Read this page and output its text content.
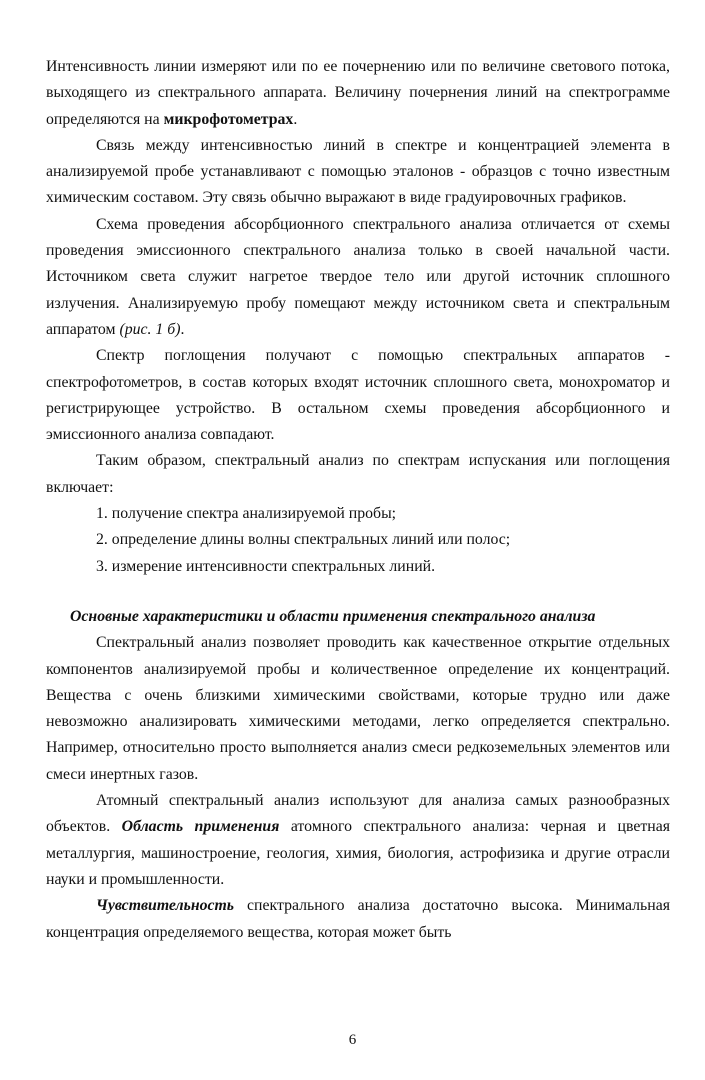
Интенсивность линии измеряют или по ее почернению или по величине светового потока, выходящего из спектрального аппарата. Величину почернения линий на спектрограмме определяются на микрофотометрах.

Связь между интенсивностью линий в спектре и концентрацией элемента в анализируемой пробе устанавливают с помощью эталонов - образцов с точно известным химическим составом. Эту связь обычно выражают в виде градуировочных графиков.

Схема проведения абсорбционного спектрального анализа отличается от схемы проведения эмиссионного спектрального анализа только в своей начальной части. Источником света служит нагретое твердое тело или другой источник сплошного излучения. Анализируемую пробу помещают между источником света и спектральным аппаратом (рис. 1 б).

Спектр поглощения получают с помощью спектральных аппаратов - спектрофотометров, в состав которых входят источник сплошного света, монохроматор и регистрирующее устройство. В остальном схемы проведения абсорбционного и эмиссионного анализа совпадают.

Таким образом, спектральный анализ по спектрам испускания или поглощения включает:

1. получение спектра анализируемой пробы;
2. определение длины волны спектральных линий или полос;
3. измерение интенсивности спектральных линий.

Основные характеристики и области применения спектрального анализа

Спектральный анализ позволяет проводить как качественное открытие отдельных компонентов анализируемой пробы и количественное определение их концентраций. Вещества с очень близкими химическими свойствами, которые трудно или даже невозможно анализировать химическими методами, легко определяется спектрально. Например, относительно просто выполняется анализ смеси редкоземельных элементов или смеси инертных газов.

Атомный спектральный анализ используют для анализа самых разнообразных объектов. Область применения атомного спектрального анализа: черная и цветная металлургия, машиностроение, геология, химия, биология, астрофизика и другие отрасли науки и промышленности.

Чувствительность спектрального анализа достаточно высока. Минимальная концентрация определяемого вещества, которая может быть

6
